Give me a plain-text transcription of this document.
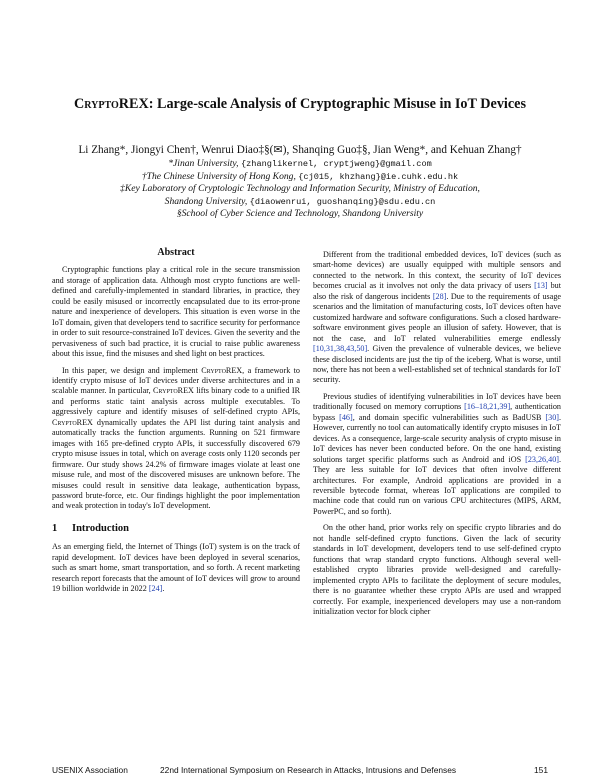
CryptoREX: Large-scale Analysis of Cryptographic Misuse in IoT Devices
Li Zhang*, Jiongyi Chen†, Wenrui Diao‡§(✉), Shanqing Guo‡§, Jian Weng*, and Kehuan Zhang†
*Jinan University, {zhanglikernel, cryptjweng}@gmail.com
†The Chinese University of Hong Kong, {cj015, khzhang}@ie.cuhk.edu.hk
‡Key Laboratory of Cryptologic Technology and Information Security, Ministry of Education,
Shandong University, {diaowenrui, guoshanqing}@sdu.edu.cn
§School of Cyber Science and Technology, Shandong University
Abstract

Cryptographic functions play a critical role in the secure transmission and storage of application data. Although most crypto functions are well-defined and carefully-implemented in standard libraries, in practice, they could be easily misused or incorrectly encapsulated due to its error-prone nature and inexperience of developers. This situation is even worse in the IoT domain, given that developers tend to sacrifice security for performance in order to suit resource-constrained IoT devices. Given the severity and the pervasiveness of such bad practice, it is crucial to raise public awareness about this issue, find the misuses and shed light on best practices.

In this paper, we design and implement CryptoREX, a framework to identify crypto misuse of IoT devices under diverse architectures and in a scalable manner. In particular, CryptoREX lifts binary code to a unified IR and performs static taint analysis across multiple executables. To aggressively capture and identify misuses of self-defined crypto APIs, CryptoREX dynamically updates the API list during taint analysis and automatically tracks the function arguments. Running on 521 firmware images with 165 pre-defined crypto APIs, it successfully discovered 679 crypto misuse issues in total, which on average costs only 1120 seconds per firmware. Our study shows 24.2% of firmware images violate at least one misuse rule, and most of the discovered misuses are unknown before. The misuses could result in sensitive data leakage, authentication bypass, password brute-force, etc. Our findings highlight the poor implementation and weak protection in today's IoT development.

1 Introduction

As an emerging field, the Internet of Things (IoT) system is on the track of rapid development. IoT devices have been deployed in several scenarios, such as smart home, smart transportation, and so forth. A recent marketing research report forecasts that the amount of IoT devices will grow to around 19 billion worldwide in 2022 [24].

Different from the traditional embedded devices, IoT devices (such as smart-home devices) are usually equipped with multiple sensors and connected to the network. In this context, the security of IoT devices becomes crucial as it involves not only the data privacy of users [13] but also the risk of dangerous incidents [28]. Due to the requirements of usage scenarios and the limitation of manufacturing costs, IoT devices often have customized hardware and software configurations. Such a closed hardware-software environment gives people an illusion of safety. However, that is not the case, and IoT related vulnerabilities emerge endlessly [10,31,38,43,50]. Given the prevalence of vulnerable devices, we believe these disclosed incidents are just the tip of the iceberg. What is worse, until now, there has not been a well-established set of technical standards for IoT security.

Previous studies of identifying vulnerabilities in IoT devices have been traditionally focused on memory corruptions [16–18,21,39], authentication bypass [46], and domain specific vulnerabilities such as BadUSB [30]. However, currently no tool can automatically identify crypto misuses in IoT devices. As a consequence, large-scale security analysis of crypto misuse in IoT devices has never been conducted before. On the one hand, existing solutions target specific platforms such as Android and iOS [23,26,40]. They are less suitable for IoT devices that often involve different architectures. For example, Android applications are provided in a reversible bytecode format, whereas IoT applications are compiled to machine code that could run on various CPU architectures (MIPS, ARM, PowerPC, and so forth).

On the other hand, prior works rely on specific crypto libraries and do not handle self-defined crypto functions. Given the lack of security standards in IoT development, developers tend to use self-defined crypto functions that wrap standard crypto functions. Although several well-established crypto libraries provide well-designed and carefully-implemented crypto APIs to facilitate the deployment of secure modules, there is no guarantee whether these crypto APIs are used and wrapped correctly. For example, inexperienced developers may use a non-random initialization vector for block cipher

USENIX Association	22nd International Symposium on Research in Attacks, Intrusions and Defenses	151
